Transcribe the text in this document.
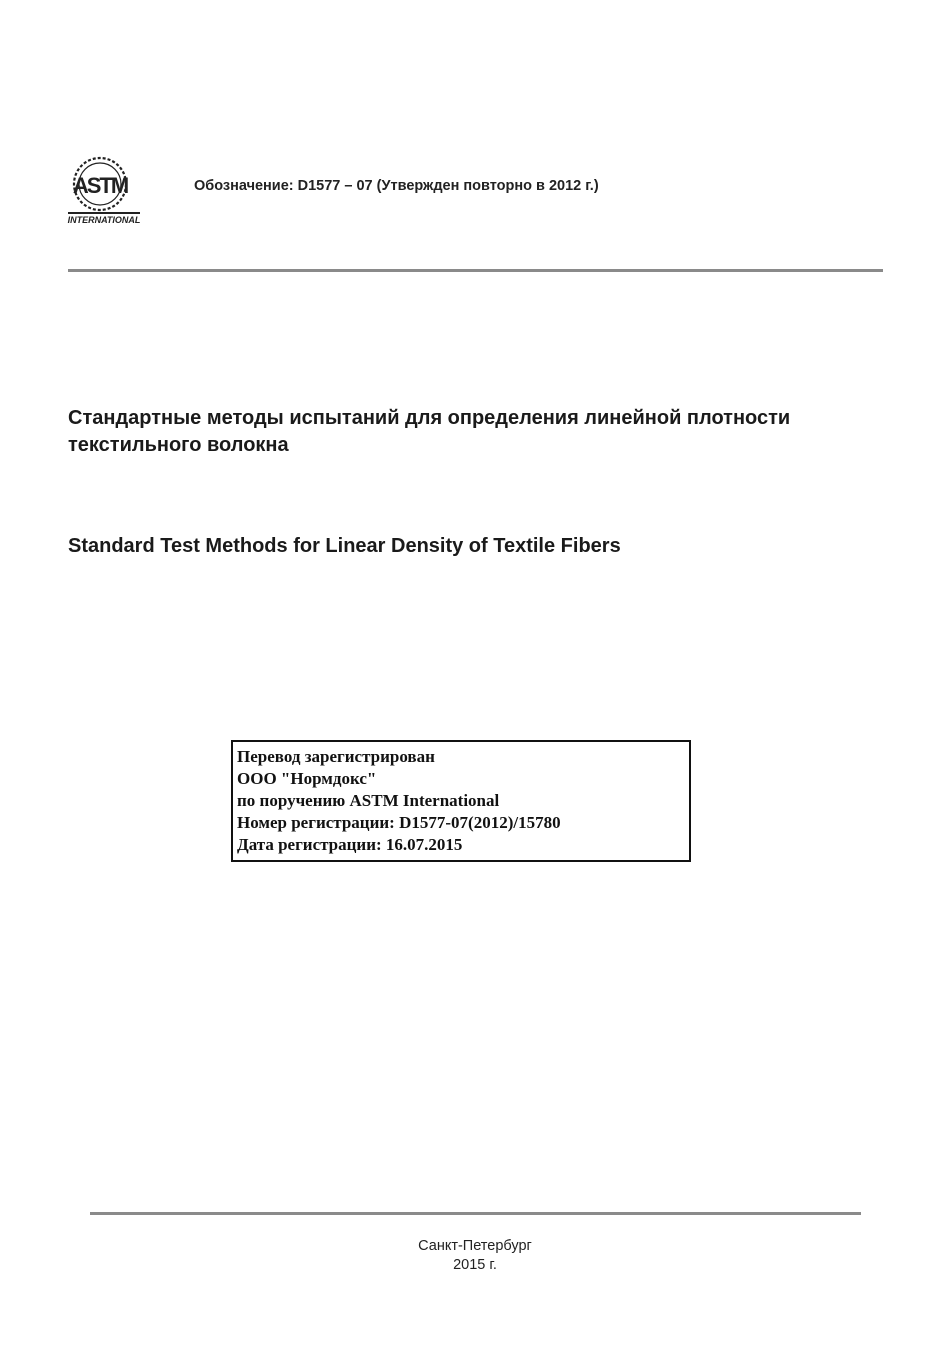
ASTM
INTERNATIONAL
Обозначение: D1577 – 07 (Утвержден повторно в 2012 г.)
Стандартные методы испытаний для определения линейной плотности
текстильного волокна
Standard Test Methods for Linear Density of Textile Fibers
Перевод зарегистрирован
ООО "Нормдокс"
по поручению ASTM International
Номер регистрации: D1577-07(2012)/15780
Дата регистрации: 16.07.2015
Санкт-Петербург
2015 г.
